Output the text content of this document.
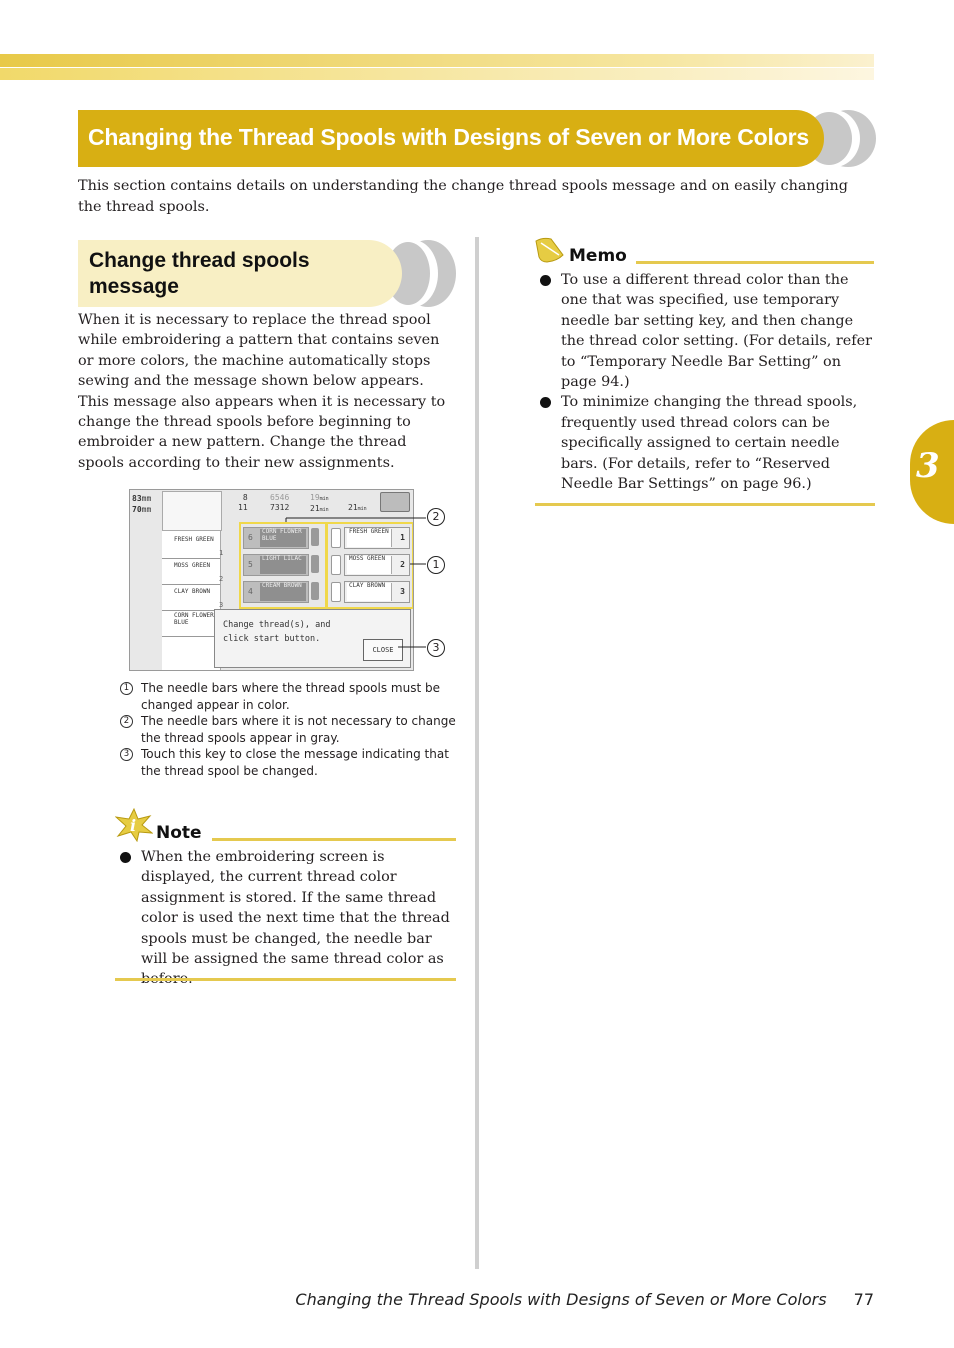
Changing the Thread Spools with Designs of Seven or More Colors

This section contains details on understanding the change thread spools message and on easily changing the thread spools.

Change thread spools
message

When it is necessary to replace the thread spool while embroidering a pattern that contains seven or more colors, the machine automatically stops sewing and the message shown below appears. This message also appears when it is necessary to change the thread spools before beginning to embroider a new pattern. Change the thread spools according to their new assignments.

83mm
70mm
8
11
6546
7312
19min
21min 21min
FRESH GREEN
MOSS GREEN
CLAY BROWN
CORN FLOWER BLUE
1
2
3
6
CORN FLOWER BLUE
5
LIGHT LILAC
4
CREAM BROWN
FRESH GREEN
1
MOSS GREEN
2
CLAY BROWN
3
Change thread(s), and
click start button.
CLOSE
2
1
3

1 The needle bars where the thread spools must be changed appear in color.

2 The needle bars where it is not necessary to change the thread spools appear in gray.

3 Touch this key to close the message indicating that the thread spool be changed.

i Note

When the embroidering screen is displayed, the current thread color assignment is stored. If the same thread color is used the next time that the thread spools must be changed, the needle bar will be assigned the same thread color as

Memo

To use a different thread color than the one that was specified, use temporary needle bar setting key, and then change the thread color setting. (For details, refer to “Temporary Needle Bar Setting” on page 94.)

To minimize changing the thread spools, frequently used thread colors can be specifically assigned to certain needle bars. (For details, refer to “Reserved Needle Bar Settings” on page 96.)	3
Changing the Thread Spools with Designs of Seven or More Colors 77
